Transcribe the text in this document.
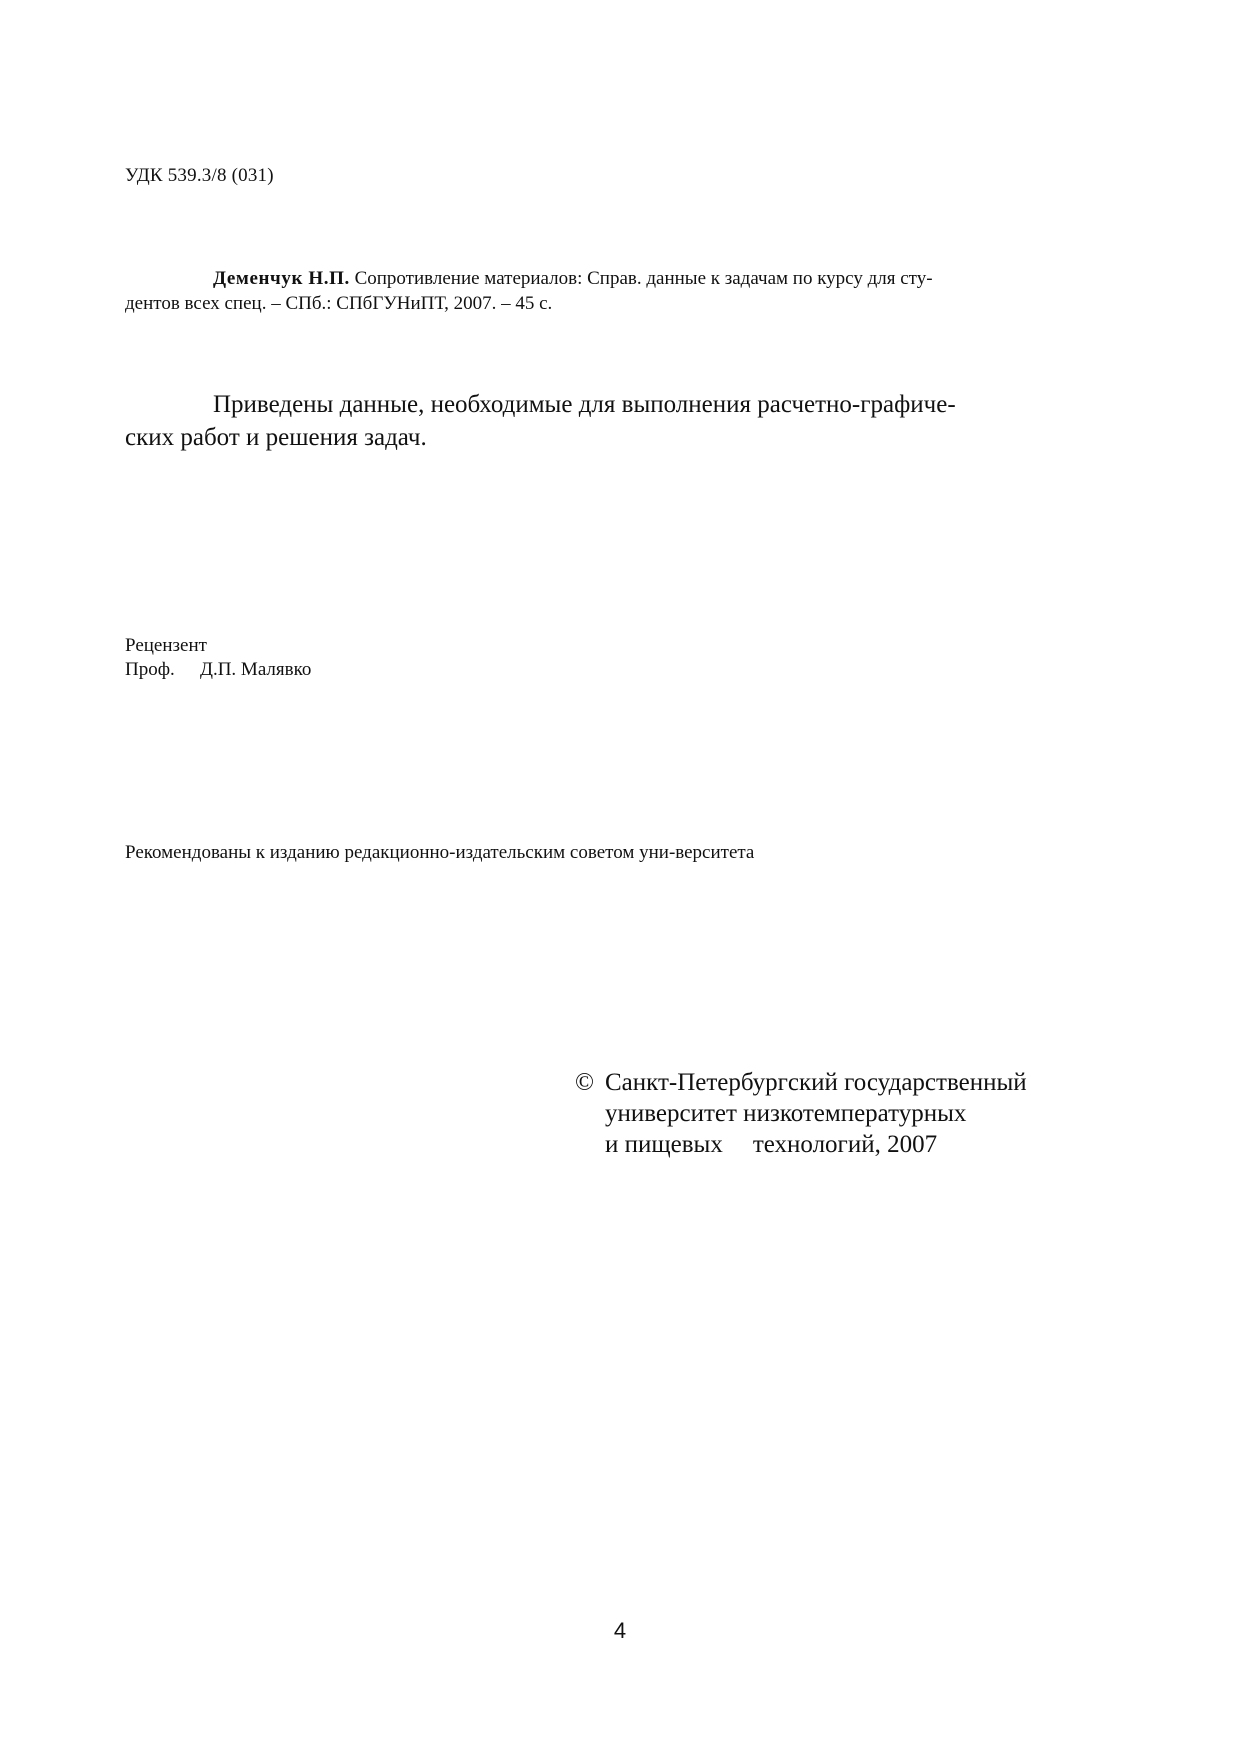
УДК 539.3/8 (031)
Деменчук Н.П. Сопротивление материалов: Справ. данные к задачам по курсу для сту-
дентов всех спец. – СПб.: СПбГУНиПТ, 2007. – 45 с.
Приведены данные, необходимые для выполнения расчетно-графиче-
ских работ и решения задач.
Рецензент
Проф. Д.П. Малявко
Рекомендованы к изданию редакционно-издательским советом уни-верситета
© Санкт-Петербургский государственный
университет низкотемпературных
и пищевых технологий, 2007
4
